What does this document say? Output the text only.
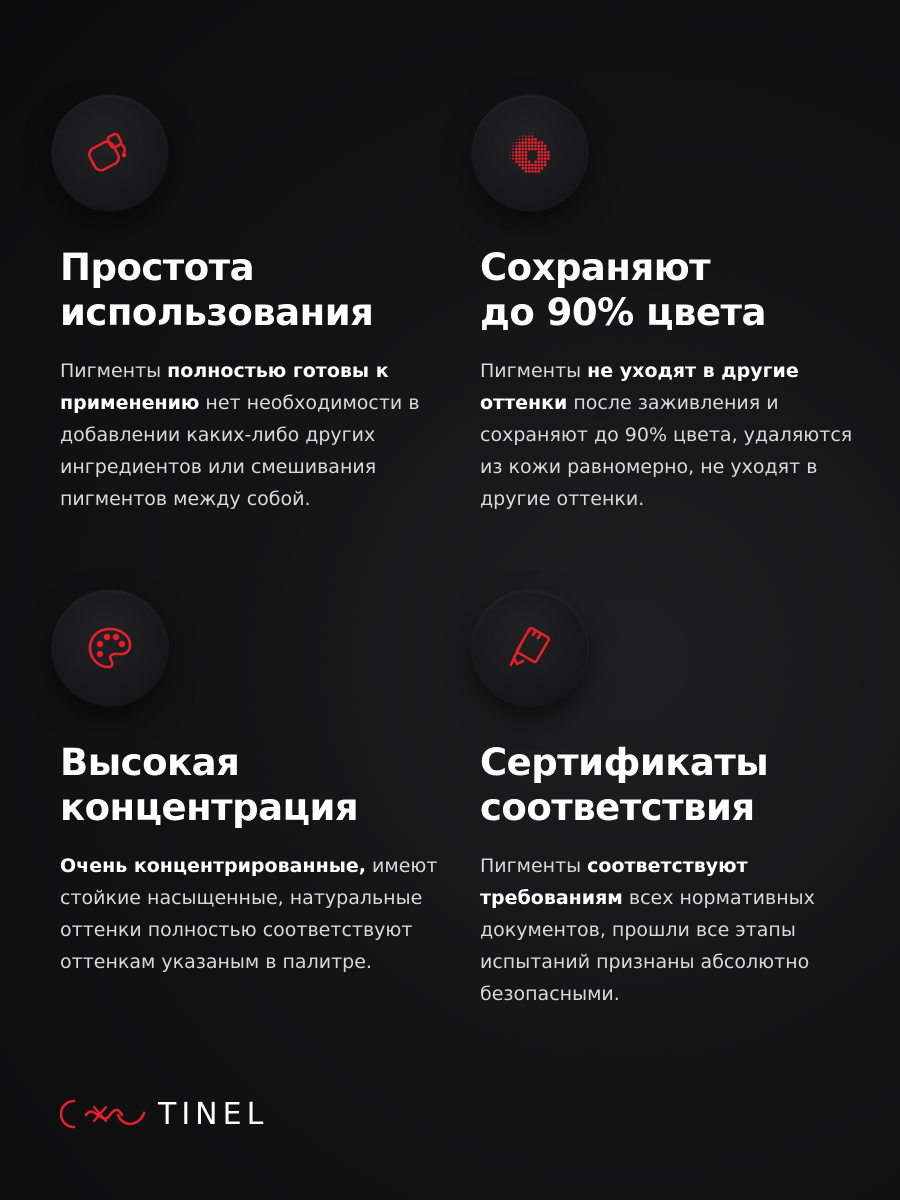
Простота
использования
Пигменты полностью готовы к применению нет необходимости в добавлении каких-либо других ингредиентов или смешивания пигментов между собой.
Сохраняют
до 90% цвета
Пигменты не уходят в другие оттенки после заживления и сохраняют до 90% цвета, удаляются из кожи равномерно, не уходят в другие оттенки.
Высокая
концентрация
Очень концентрированные, имеют стойкие насыщенные, натуральные оттенки полностью соответствуют оттенкам указаным в палитре.
Сертификаты
соответствия
Пигменты соответствуют требованиям всех нормативных документов, прошли все этапы испытаний признаны абсолютно безопасными.
TINEL
